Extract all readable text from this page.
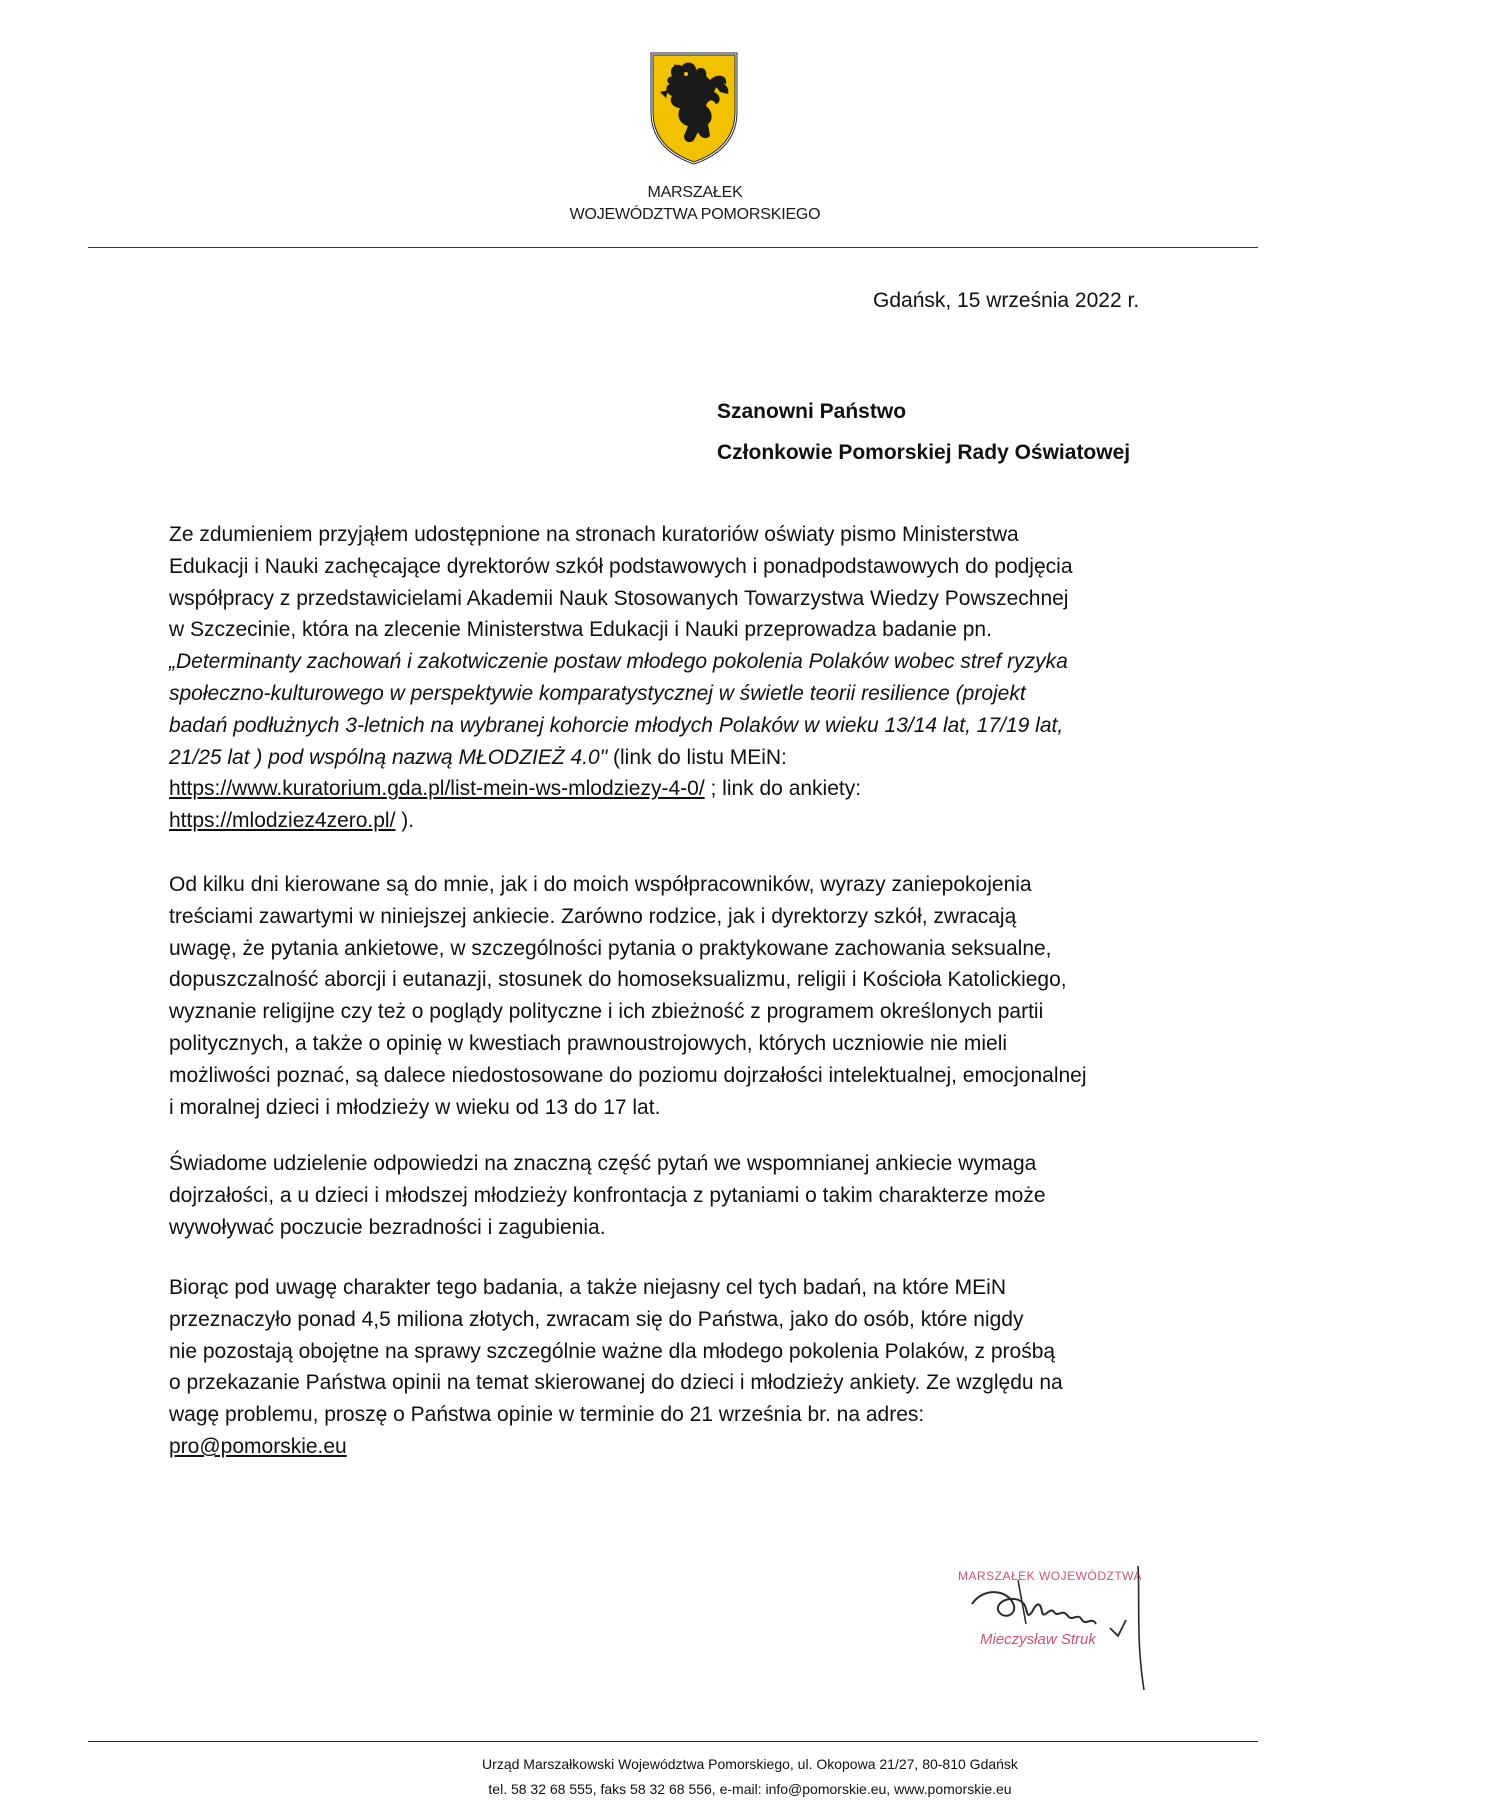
MARSZAŁEK
WOJEWÓDZTWA POMORSKIEGO
Gdańsk, 15 września 2022 r.
Szanowni Państwo
Członkowie Pomorskiej Rady Oświatowej
Ze zdumieniem przyjąłem udostępnione na stronach kuratoriów oświaty pismo Ministerstwa
Edukacji i Nauki zachęcające dyrektorów szkół podstawowych i ponadpodstawowych do podjęcia
współpracy z przedstawicielami Akademii Nauk Stosowanych Towarzystwa Wiedzy Powszechnej
w Szczecinie, która na zlecenie Ministerstwa Edukacji i Nauki przeprowadza badanie pn.
„Determinanty zachowań i zakotwiczenie postaw młodego pokolenia Polaków wobec stref ryzyka
społeczno-kulturowego w perspektywie komparatystycznej w świetle teorii resilience (projekt
badań podłużnych 3-letnich na wybranej kohorcie młodych Polaków w wieku 13/14 lat, 17/19 lat,
21/25 lat ) pod wspólną nazwą MŁODZIEŻ 4.0" (link do listu MEiN:
https://www.kuratorium.gda.pl/list-mein-ws-mlodziezy-4-0/ ; link do ankiety:
https://mlodziez4zero.pl/ ).
Od kilku dni kierowane są do mnie, jak i do moich współpracowników, wyrazy zaniepokojenia
treściami zawartymi w niniejszej ankiecie. Zarówno rodzice, jak i dyrektorzy szkół, zwracają
uwagę, że pytania ankietowe, w szczególności pytania o praktykowane zachowania seksualne,
dopuszczalność aborcji i eutanazji, stosunek do homoseksualizmu, religii i Kościoła Katolickiego,
wyznanie religijne czy też o poglądy polityczne i ich zbieżność z programem określonych partii
politycznych, a także o opinię w kwestiach prawnoustrojowych, których uczniowie nie mieli
możliwości poznać, są dalece niedostosowane do poziomu dojrzałości intelektualnej, emocjonalnej
i moralnej dzieci i młodzieży w wieku od 13 do 17 lat.
Świadome udzielenie odpowiedzi na znaczną część pytań we wspomnianej ankiecie wymaga
dojrzałości, a u dzieci i młodszej młodzieży konfrontacja z pytaniami o takim charakterze może
wywoływać poczucie bezradności i zagubienia.
Biorąc pod uwagę charakter tego badania, a także niejasny cel tych badań, na które MEiN
przeznaczyło ponad 4,5 miliona złotych, zwracam się do Państwa, jako do osób, które nigdy
nie pozostają obojętne na sprawy szczególnie ważne dla młodego pokolenia Polaków, z prośbą
o przekazanie Państwa opinii na temat skierowanej do dzieci i młodzieży ankiety. Ze względu na
wagę problemu, proszę o Państwa opinie w terminie do 21 września br. na adres:
pro@pomorskie.eu
MARSZAŁEK WOJEWÓDZTWA
Mieczysław Struk
Urząd Marszałkowski Województwa Pomorskiego, ul. Okopowa 21/27, 80-810 Gdańsk
tel. 58 32 68 555, faks 58 32 68 556, e-mail: info@pomorskie.eu, www.pomorskie.eu
